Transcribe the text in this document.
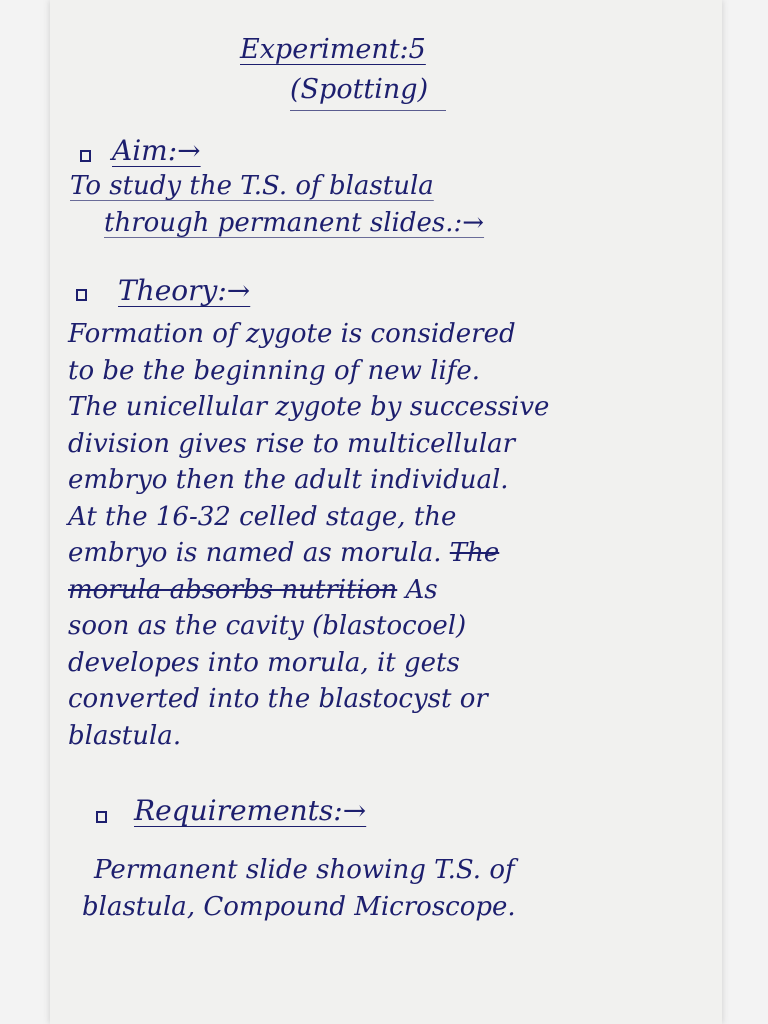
Experiment:5

(Spotting)

Aim:→

To study the T.S. of blastula
through permanent slides.:→

Theory:→

Formation of zygote is considered
to be the beginning of new life.
The unicellular zygote by successive
division gives rise to multicellular
embryo then the adult individual.
At the 16-32 celled stage, the
embryo is named as morula. The
morula absorbs nutrition As
soon as the cavity (blastocoel)
developes into morula, it gets
converted into the blastocyst or
blastula.

Requirements:→

Permanent slide showing T.S. of
blastula, Compound Microscope.
